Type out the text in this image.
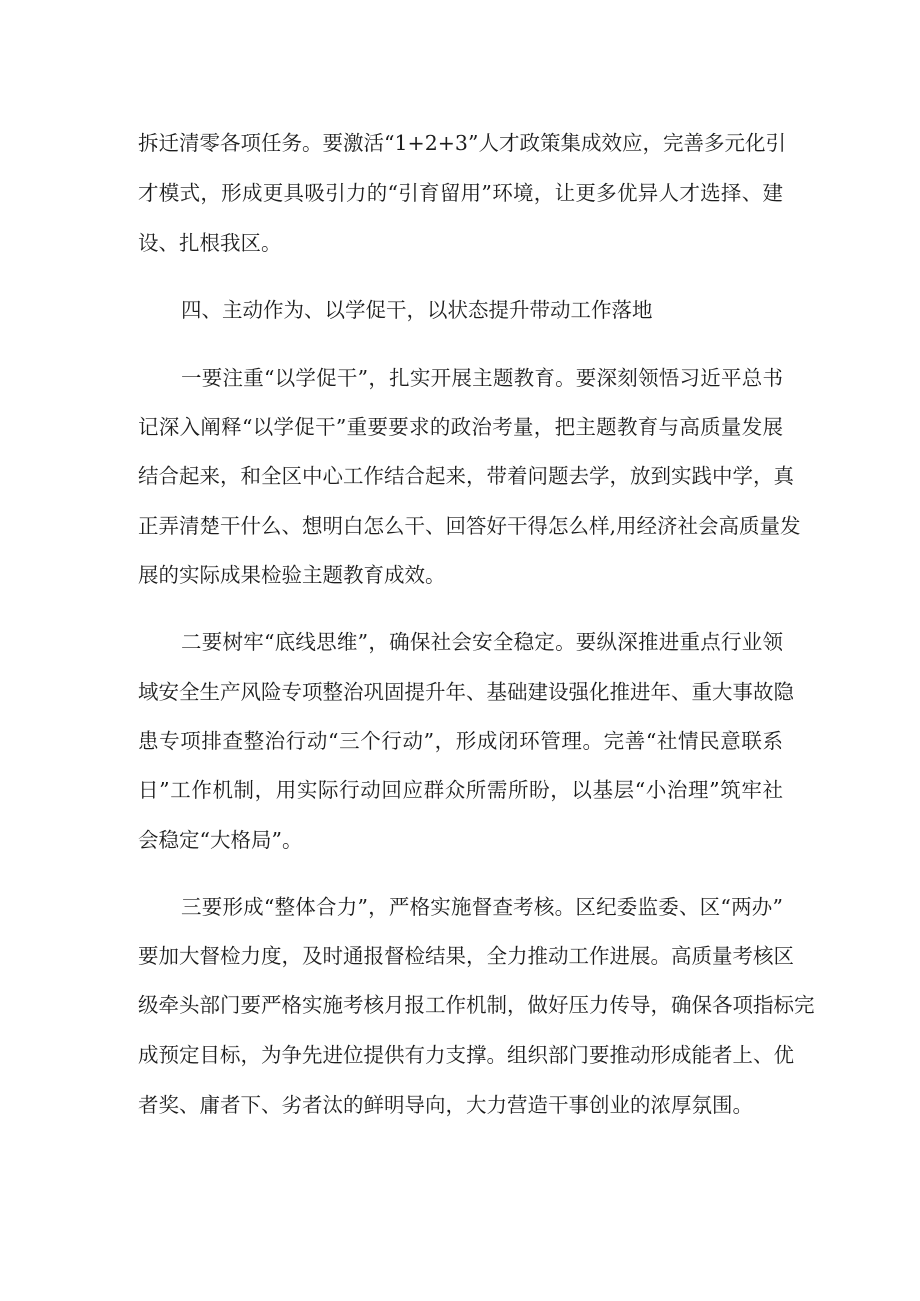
拆迁清零各项任务。要激活“1+2+3”人才政策集成效应，完善多元化引
才模式，形成更具吸引力的“引育留用”环境，让更多优异人才选择、建
设、扎根我区。
四、主动作为、以学促干，以状态提升带动工作落地
一要注重“以学促干”，扎实开展主题教育。要深刻领悟习近平总书
记深入阐释“以学促干”重要要求的政治考量，把主题教育与高质量发展
结合起来，和全区中心工作结合起来，带着问题去学，放到实践中学，真
正弄清楚干什么、想明白怎么干、回答好干得怎么样,用经济社会高质量发
展的实际成果检验主题教育成效。
二要树牢“底线思维”，确保社会安全稳定。要纵深推进重点行业领
域安全生产风险专项整治巩固提升年、基础建设强化推进年、重大事故隐
患专项排查整治行动“三个行动”，形成闭环管理。完善“社情民意联系
日”工作机制，用实际行动回应群众所需所盼，以基层“小治理”筑牢社
会稳定“大格局”。
三要形成“整体合力”，严格实施督查考核。区纪委监委、区“两办”
要加大督检力度，及时通报督检结果，全力推动工作进展。高质量考核区
级牵头部门要严格实施考核月报工作机制，做好压力传导，确保各项指标完
成预定目标，为争先进位提供有力支撑。组织部门要推动形成能者上、优
者奖、庸者下、劣者汰的鲜明导向，大力营造干事创业的浓厚氛围。
